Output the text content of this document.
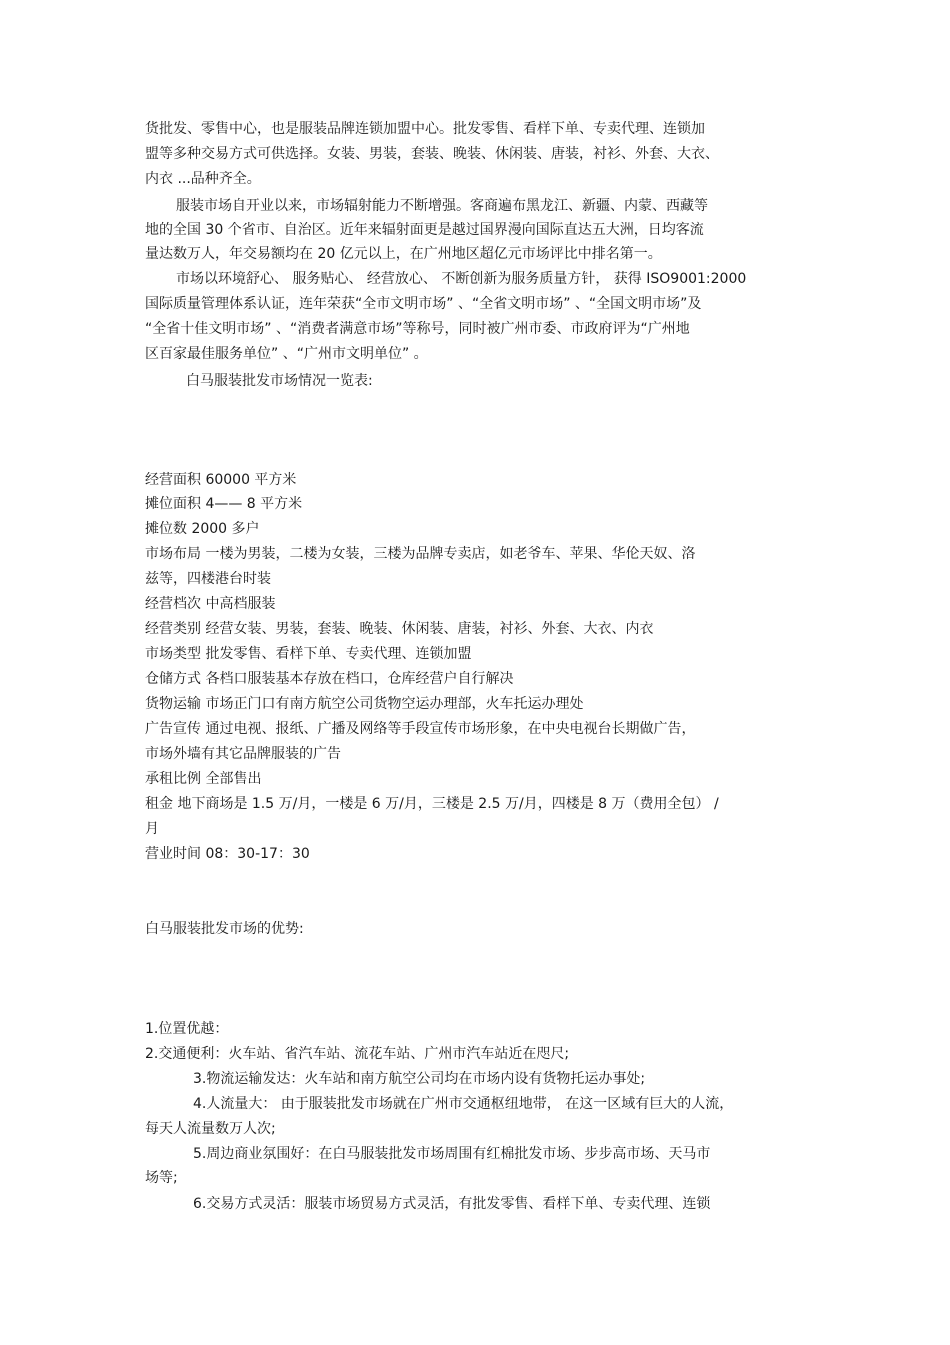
货批发、零售中心，也是服装品牌连锁加盟中心。批发零售、看样下单、专卖代理、连锁加
盟等多种交易方式可供选择。女装、男装，套装、晚装、休闲装、唐装，衬衫、外套、大衣、
内衣 ...品种齐全。
服装市场自开业以来，市场辐射能力不断增强。客商遍布黑龙江、新疆、内蒙、西藏等
地的全国 30 个省市、自治区。近年来辐射面更是越过国界漫向国际直达五大洲，日均客流
量达数万人，年交易额均在 20 亿元以上，在广州地区超亿元市场评比中排名第一。
市场以环境舒心、 服务贴心、 经营放心、 不断创新为服务质量方针， 获得 ISO9001:2000
国际质量管理体系认证，连年荣获“全市文明市场” 、“全省文明市场” 、“全国文明市场”及
“全省十佳文明市场” 、“消费者满意市场”等称号，同时被广州市委、市政府评为“广州地
区百家最佳服务单位” 、“广州市文明单位” 。
白马服装批发市场情况一览表:
经营面积 60000 平方米
摊位面积 4—— 8 平方米
摊位数 2000 多户
市场布局 一楼为男装，二楼为女装，三楼为品牌专卖店，如老爷车、苹果、华伦天奴、洛
兹等，四楼港台时装
经营档次 中高档服装
经营类别 经营女装、男装，套装、晚装、休闲装、唐装，衬衫、外套、大衣、内衣
市场类型 批发零售、看样下单、专卖代理、连锁加盟
仓储方式 各档口服装基本存放在档口，仓库经营户自行解决
货物运输 市场正门口有南方航空公司货物空运办理部，火车托运办理处
广告宣传 通过电视、报纸、广播及网络等手段宣传市场形象，在中央电视台长期做广告，
市场外墙有其它品牌服装的广告
承租比例 全部售出
租金 地下商场是 1.5 万/月，一楼是 6 万/月，三楼是 2.5 万/月，四楼是 8 万（费用全包） /
月
营业时间 08：30-17：30
白马服装批发市场的优势:
1.位置优越：
2.交通便利：火车站、省汽车站、流花车站、广州市汽车站近在咫尺;
3.物流运输发达：火车站和南方航空公司均在市场内设有货物托运办事处;
4.人流量大： 由于服装批发市场就在广州市交通枢纽地带， 在这一区域有巨大的人流，
每天人流量数万人次;
5.周边商业氛围好：在白马服装批发市场周围有红棉批发市场、步步高市场、天马市
场等;
6.交易方式灵活：服装市场贸易方式灵活，有批发零售、看样下单、专卖代理、连锁
